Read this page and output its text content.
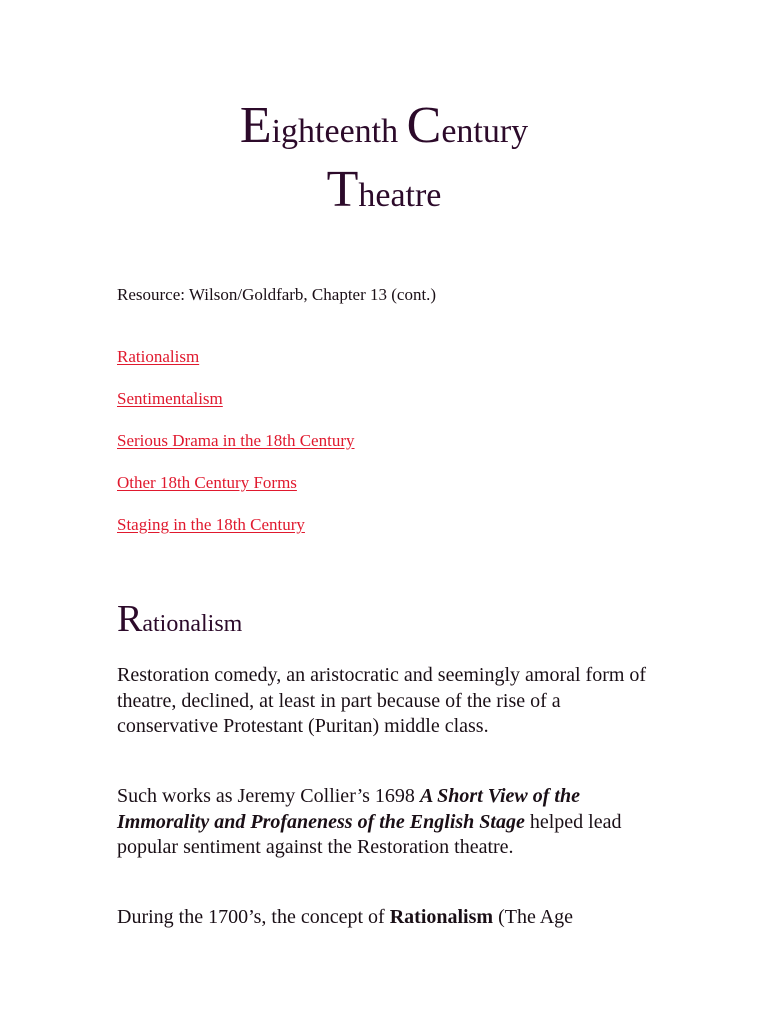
Eighteenth Century
Theatre
Resource: Wilson/Goldfarb, Chapter 13 (cont.)
Rationalism
Sentimentalism
Serious Drama in the 18th Century
Other 18th Century Forms
Staging in the 18th Century
Rationalism

Restoration comedy, an aristocratic and seemingly amoral form of theatre, declined, at least in part because of the rise of a conservative Protestant (Puritan) middle class.

Such works as Jeremy Collier’s 1698 A Short View of the Immorality and Profaneness of the English Stage helped lead popular sentiment against the Restoration theatre.

During the 1700’s, the concept of Rationalism (The Age
